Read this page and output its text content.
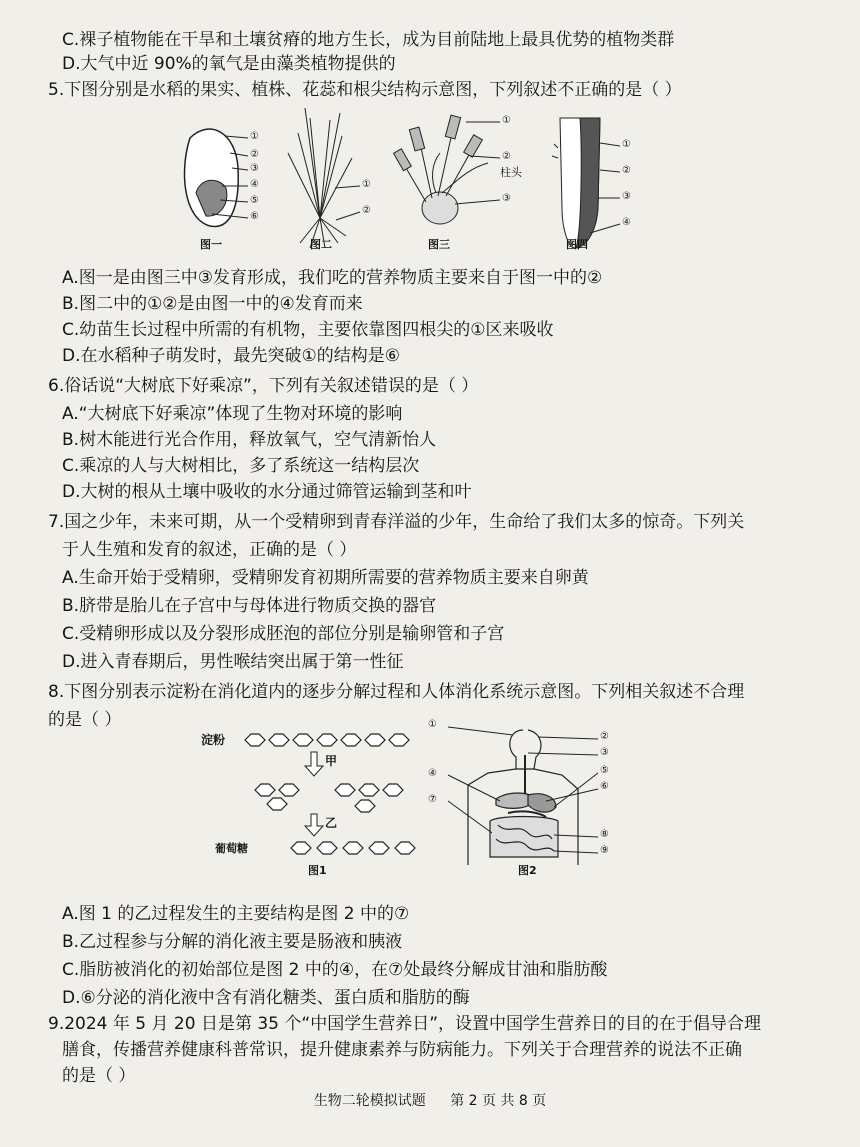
C.裸子植物能在干旱和土壤贫瘠的地方生长，成为目前陆地上最具优势的植物类群
D.大气中近 90%的氧气是由藻类植物提供的
5.下图分别是水稻的果实、植株、花蕊和根尖结构示意图，下列叙述不正确的是（ ）
①
②
③
④
⑤
⑥
①
②
①
②
柱头
③
①
②
③
④
图一	图二	图三	图四
A.图一是由图三中③发育形成，我们吃的营养物质主要来自于图一中的②
B.图二中的①②是由图一中的④发育而来
C.幼苗生长过程中所需的有机物，主要依靠图四根尖的①区来吸收
D.在水稻种子萌发时，最先突破①的结构是⑥
6.俗话说“大树底下好乘凉”，下列有关叙述错误的是（ ）
A.“大树底下好乘凉”体现了生物对环境的影响
B.树木能进行光合作用，释放氧气，空气清新怡人
C.乘凉的人与大树相比，多了系统这一结构层次
D.大树的根从土壤中吸收的水分通过筛管运输到茎和叶
7.国之少年，未来可期，从一个受精卵到青春洋溢的少年，生命给了我们太多的惊奇。下列关
于人生殖和发育的叙述，正确的是（ ）
A.生命开始于受精卵，受精卵发育初期所需要的营养物质主要来自卵黄
B.脐带是胎儿在子宫中与母体进行物质交换的器官
C.受精卵形成以及分裂形成胚泡的部位分别是输卵管和子宫
D.进入青春期后，男性喉结突出属于第一性征
8.下图分别表示淀粉在消化道内的逐步分解过程和人体消化系统示意图。下列相关叙述不合理
的是（ ）
淀粉
甲
乙
葡萄糖
图1
①
②
③
④	⑤
⑥
⑦
⑧
⑨
图2
A.图 1 的乙过程发生的主要结构是图 2 中的⑦
B.乙过程参与分解的消化液主要是肠液和胰液
C.脂肪被消化的初始部位是图 2 中的④，在⑦处最终分解成甘油和脂肪酸
D.⑥分泌的消化液中含有消化糖类、蛋白质和脂肪的酶
9.2024 年 5 月 20 日是第 35 个“中国学生营养日”，设置中国学生营养日的目的在于倡导合理
膳食，传播营养健康科普常识，提升健康素养与防病能力。下列关于合理营养的说法不正确
的是（ ）
生物二轮模拟试题 第 2 页 共 8 页
